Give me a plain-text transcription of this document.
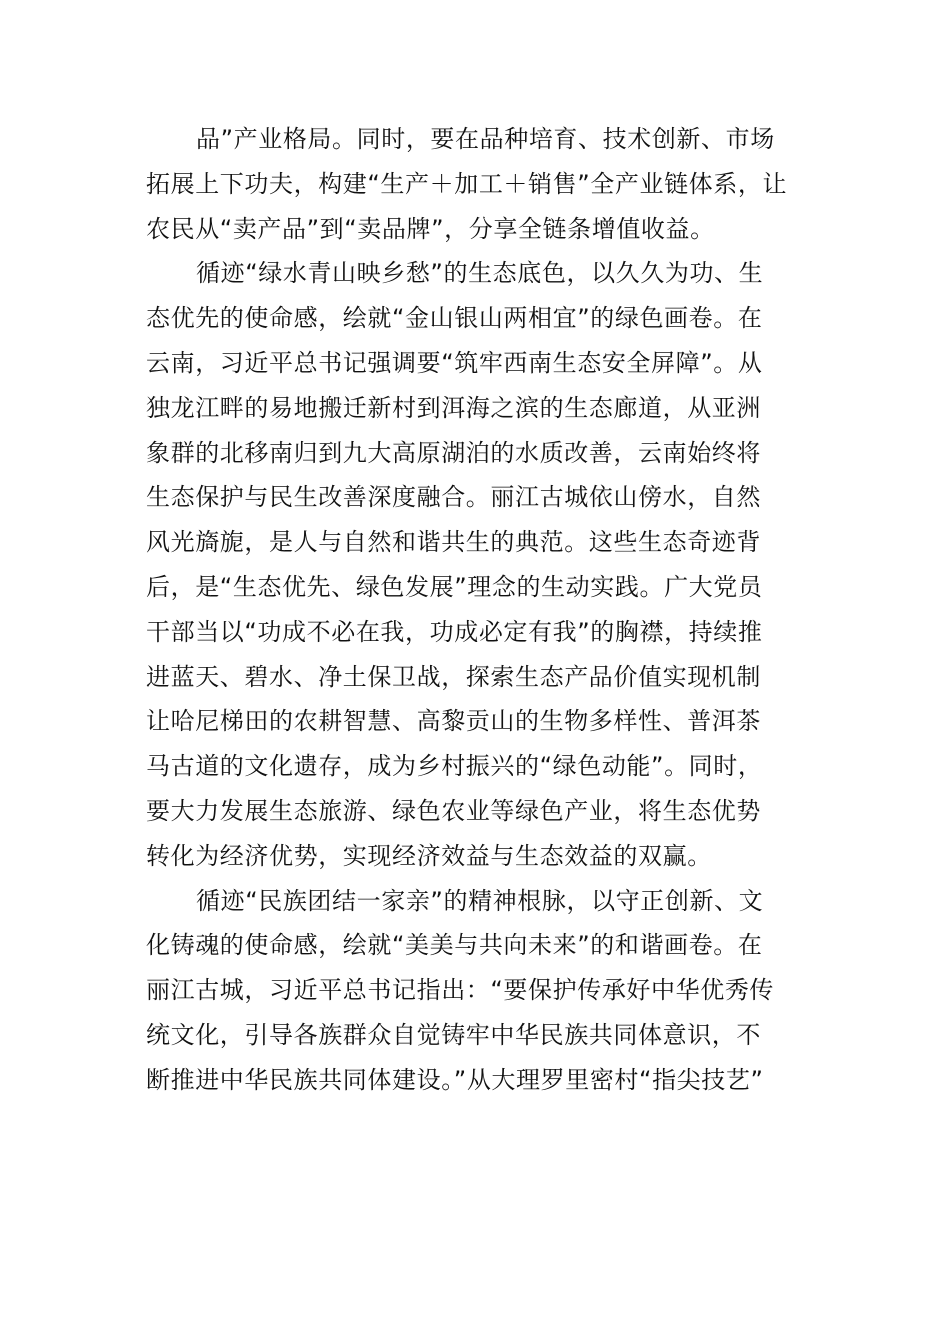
品”产业格局。同时，要在品种培育、技术创新、市场
拓展上下功夫，构建“生产＋加工＋销售”全产业链体系，让
农民从“卖产品”到“卖品牌”，分享全链条增值收益。
循迹“绿水青山映乡愁”的生态底色，以久久为功、生
态优先的使命感，绘就“金山银山两相宜”的绿色画卷。在
云南，习近平总书记强调要“筑牢西南生态安全屏障”。从
独龙江畔的易地搬迁新村到洱海之滨的生态廊道，从亚洲
象群的北移南归到九大高原湖泊的水质改善，云南始终将
生态保护与民生改善深度融合。丽江古城依山傍水，自然
风光旖旎，是人与自然和谐共生的典范。这些生态奇迹背
后，是“生态优先、绿色发展”理念的生动实践。广大党员
干部当以“功成不必在我，功成必定有我”的胸襟，持续推
进蓝天、碧水、净土保卫战，探索生态产品价值实现机制
让哈尼梯田的农耕智慧、高黎贡山的生物多样性、普洱茶
马古道的文化遗存，成为乡村振兴的“绿色动能”。同时，
要大力发展生态旅游、绿色农业等绿色产业，将生态优势
转化为经济优势，实现经济效益与生态效益的双赢。
循迹“民族团结一家亲”的精神根脉，以守正创新、文
化铸魂的使命感，绘就“美美与共向未来”的和谐画卷。在
丽江古城，习近平总书记指出：“要保护传承好中华优秀传
统文化，引导各族群众自觉铸牢中华民族共同体意识，不
断推进中华民族共同体建设。”从大理罗里密村“指尖技艺”
